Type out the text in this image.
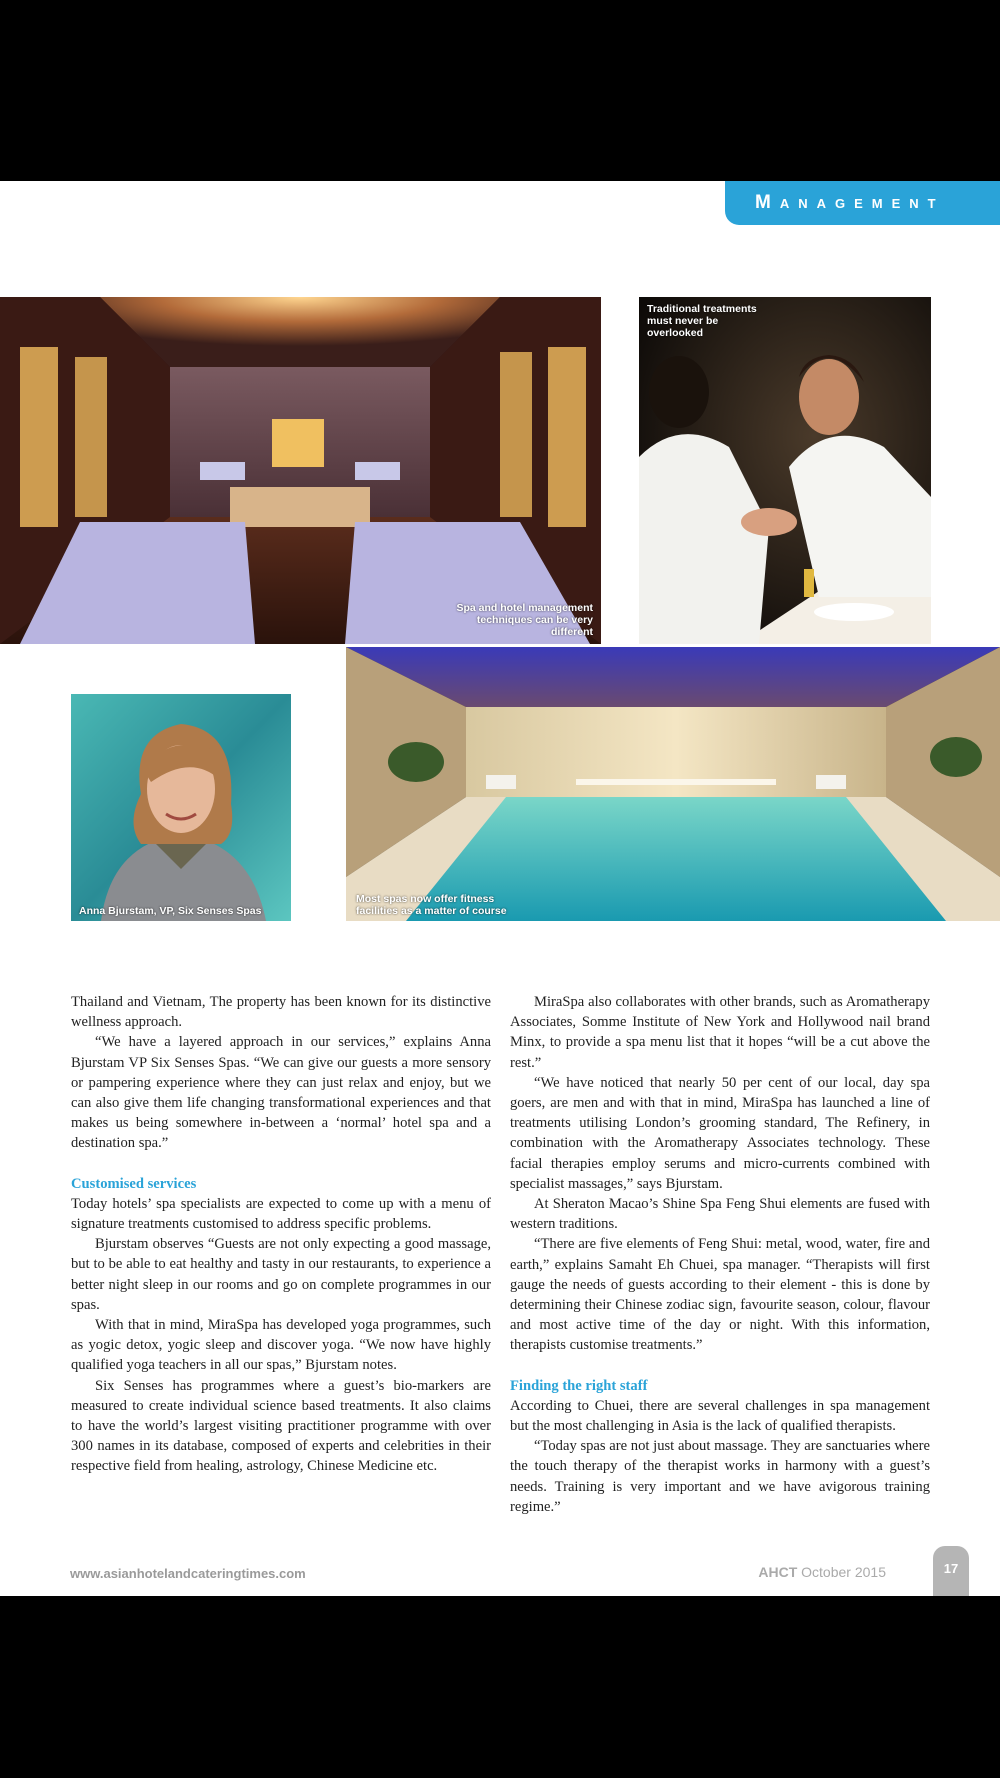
Management
Spa and hotel management techniques can be very different
Traditional treatments must never be overlooked
Anna Bjurstam, VP, Six Senses Spas
Most spas now offer fitness facilities as a matter of course

Thailand and Vietnam, The property has been known for its distinctive wellness approach.

“We have a layered approach in our services,” explains Anna Bjurstam VP Six Senses Spas. “We can give our guests a more sensory or pampering experience where they can just relax and enjoy, but we can also give them life changing transformational experiences and that makes us being somewhere in-between a ‘normal’ hotel spa and a destination spa.”

Customised services

Today hotels’ spa specialists are expected to come up with a menu of signature treatments customised to address specific problems.

Bjurstam observes “Guests are not only expecting a good massage, but to be able to eat healthy and tasty in our restaurants, to experience a better night sleep in our rooms and go on complete programmes in our spas.

With that in mind, MiraSpa has developed yoga programmes, such as yogic detox, yogic sleep and discover yoga. “We now have highly qualified yoga teachers in all our spas,” Bjurstam notes.

Six Senses has programmes where a guest’s bio-markers are measured to create individual science based treatments. It also claims to have the world’s largest visiting practitioner programme with over 300 names in its database, composed of experts and celebrities in their respective field from healing, astrology, Chinese Medicine etc.

MiraSpa also collaborates with other brands, such as Aromatherapy Associates, Somme Institute of New York and Hollywood nail brand Minx, to provide a spa menu list that it hopes “will be a cut above the rest.”

“We have noticed that nearly 50 per cent of our local, day spa goers, are men and with that in mind, MiraSpa has launched a line of treatments utilising London’s grooming standard, The Refinery, in combination with the Aromatherapy Associates technology. These facial therapies employ serums and micro-currents combined with specialist massages,” says Bjurstam.

At Sheraton Macao’s Shine Spa Feng Shui elements are fused with western traditions.

“There are five elements of Feng Shui: metal, wood, water, fire and earth,” explains Samaht Eh Chuei, spa manager. “Therapists will first gauge the needs of guests according to their element - this is done by determining their Chinese zodiac sign, favourite season, colour, flavour and most active time of the day or night. With this information, therapists customise treatments.”

Finding the right staff

According to Chuei, there are several challenges in spa management but the most challenging in Asia is the lack of qualified therapists.

“Today spas are not just about massage. They are sanctuaries where the touch therapy of the therapist works in harmony with a guest’s needs. Training is very important and we have avigorous training regime.”

www.asianhotelandcateringtimes.com	AHCT October 2015	17
